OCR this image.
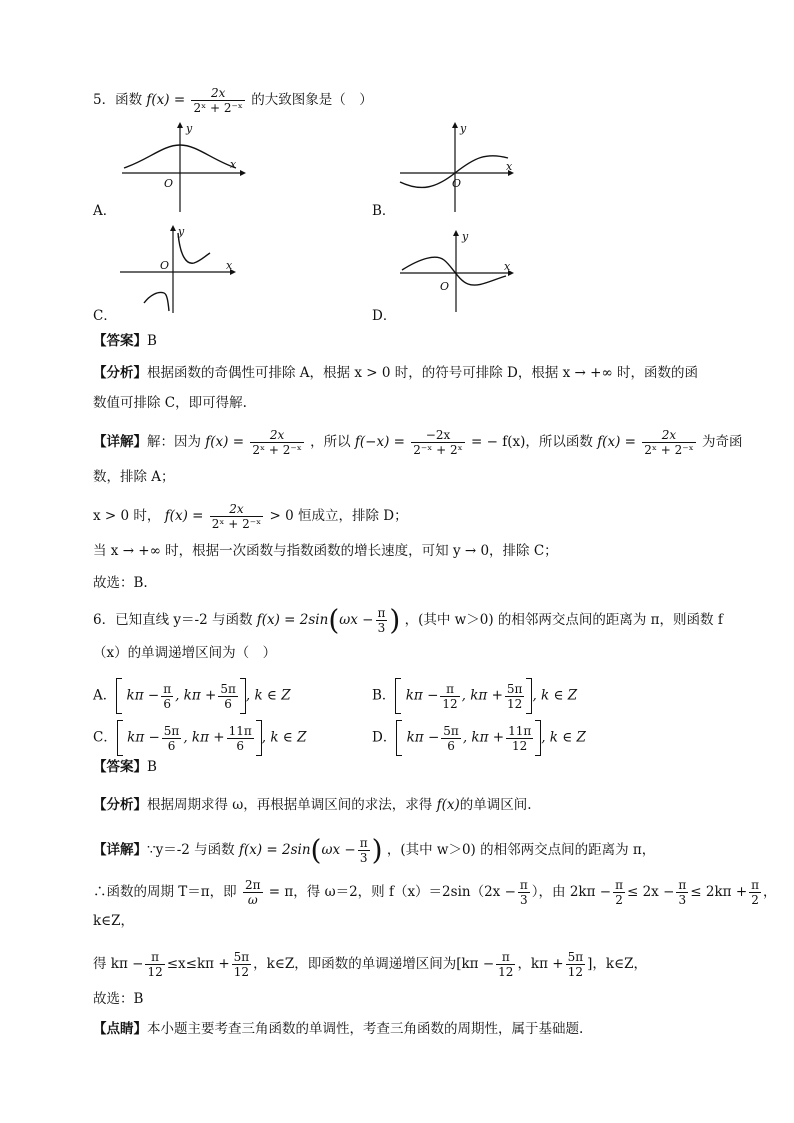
5．函数 $f(x) = \frac{2x}{\text{2ˣ + 2⁻ˣ}}$ 的大致图象是（　）
x
y
O
A．
x
y
O
B．
x
y
O
C．
x
y
O
D．
【答案】B
【分析】根据函数的奇偶性可排除 A，根据 x > 0 时，的符号可排除 D，根据 x → +∞ 时，函数的函
数值可排除 C，即可得解.
【详解】解：因为 $f(x) = \frac{2x}{\text{2ˣ + 2⁻ˣ}}$ ，所以 $f(-x) = \frac{-2x}{\text{2⁻ˣ + 2ˣ}}$ = − f(x)，所以函数 $f(x) = \frac{2x}{\text{2ˣ + 2⁻ˣ}}$ 为奇函
数，排除 A；
x > 0 时， $f(x) = \frac{2x}{\text{2ˣ + 2⁻ˣ}} > 0$ 恒成立，排除 D；
当 x → +∞ 时，根据一次函数与指数函数的增长速度，可知 y → 0，排除 C；
故选：B.
6．已知直线 y＝-2 与函数 $f(x) = 2\sin(\omega x - \frac{\pi}{3}$ ) ，(其中 w＞0) 的相邻两交点间的距离为 π，则函数 f
（x）的单调递增区间为（　）
A． $k\pi - \frac{\pi}{6}$ , $k\pi + \frac{5\pi}{6}$ , k ∈ Z	B． $k\pi - \frac{\pi}{12}$ , $k\pi + \frac{5\pi}{12}$ , k ∈ Z
C． $k\pi - \frac{5\pi}{6}$ , $k\pi + \frac{11\pi}{6}$ , k ∈ Z	D． $k\pi - \frac{5\pi}{6}$ , $k\pi + \frac{11\pi}{12}$ , k ∈ Z
【答案】B
【分析】根据周期求得 ω，再根据单调区间的求法，求得 f(x)的单调区间.
【详解】∵y＝-2 与函数 $f(x) = 2\sin(\omega x - \frac{\pi}{3}$ ) ，(其中 w＞0) 的相邻两交点间的距离为 π，
∴函数的周期 T＝π，即 $\frac{2\pi}{\omega} = \pi$，得 ω＝2，则 $f(x)=2\sin(2x - \frac{\pi}{3}$ ），由 $2k\pi - \frac{\pi}{2} \le 2x - \frac{\pi}{3} \le 2k\pi + \frac{\pi}{2}$ ，
k∈Z，
得 $k\pi - \frac{\pi}{12} \le x\le k\pi + \frac{5\pi}{12}$ ，k∈Z，即函数的单调递增区间为[$k\pi - \frac{\pi}{12}$ ，$k\pi + \frac{5\pi}{12}$ ]，k∈Z，
故选：B
【点睛】本小题主要考查三角函数的单调性，考查三角函数的周期性，属于基础题.
